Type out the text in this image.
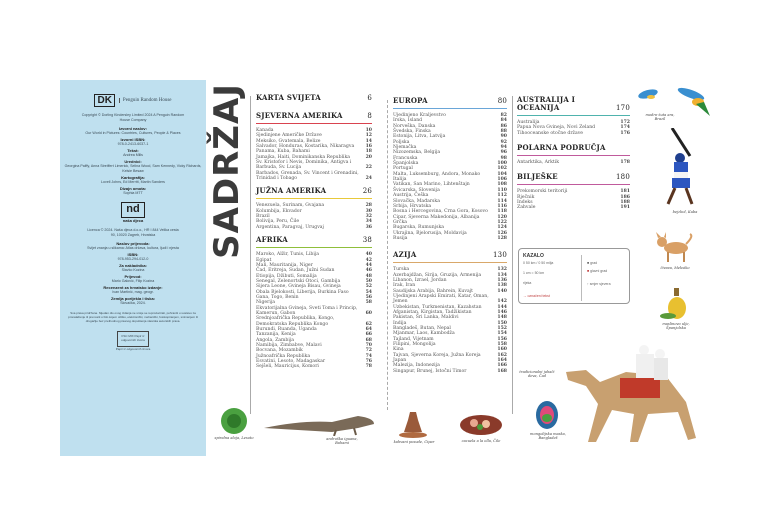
DK	Penguin Random House
Copyright © Dorling Kindersley Limited 2024 A Penguin Random House Company
Izvorni naslov:
Our World in Pictures: Countries, Cultures, People & Places
Izvorni ISBN:
978-0-2413-6037-1
Tekst:
Andrea Mills
Urednici:
Georgina Palffy, Anna Streiffert Limerick, Selina Wood, Sam Kennedy, Vicky Richards, Kelsie Besaw
Kartografija:
Lovell Johns, Ed Merritt, Martin Sanders
Dizajn omota:
Sophia MTT
nd
naša djeca
Licenca © 2024. Naša djeca d.o.o., HR I 844 Velika cesta 90, 10020 Zagreb, Hrvatska
Naslov prijevoda:
Svijet znanja u slikama: Atlas država, kultura, ljudi i njesta
ISBN:
978-953-294-012-0
Za nakladnika:
Slavko Kozina
Prijevod:
Mario Galović, Filip Kozina
Recenzent za hrvatsko izdanje:
Ivan Martinić, mag. geogr.
Zemlja porijekla i tiska:
Slovačka, 2024.
Sva prava pridržana. Nijedan dio ovog izdanja ne smije se reproducirati, pohraniti u sustavu za pronalaženje ili prenositi u bilo kojem obliku, elektronički, mehanički, fotokopiranjem, snimanjem ili drugačije bez prethodnog pisanog dopuštenja vlasnika autorskih prava.
FSC MIX Papir iz odgovornih izvora
Papir iz odgovornih izvora
SADRŽAJ KARTA SVIJETA	6
SJEVERNA AMERIKA	8
Kanada	10
Sjedinjene Američke Države	12
Meksiko, Gvatemala, Belize	14
Salvador, Honduras, Kostarika, Nikaragva	16
Panama, Kuba, Bahami	18
Jamajka, Haiti, Dominikanska Republika	20
Sv. Kristofor i Nevis, Dominika, Antigva i Barbuda, Sv. Lucija	22
Barbados, Grenada, Sv. Vincent i Grenadini, Trinidad i Tobago	24
JUŽNA AMERIKA	26
Venezuela, Surinam, Gvajana	28
Kolumbija, Ekvador	30
Brazil	32
Bolivija, Peru, Čile	34
Argentina, Paragvaj, Urugvaj	36
AFRIKA	38
Maroko, Alžir, Tunis, Libija	40
Egipat	42
Mali, Mauritanija, Niger	44
Čad, Eritreja, Sudan, Južni Sudan	46
Etiopija, Džibuti, Somalija	48
Senegal, Zelenortski Otoci, Gambija	50
Sijera Leone, Gvineja Bisau, Gvineja	52
Obala Bjelokosti, Liberija, Burkina Faso	54
Gana, Togo, Benin	56
Nigerija	58
Ekvatorijalna Gvineja, Sveti Toma i Princip, Kamerun, Gabon	60
Srednjoafrička Republika, Kongo, Demokratska Republika Kongo	62
Burundi, Ruanda, Uganda	64
Tanzanija, Kenija	66
Angola, Zambija	68
Namibija, Zimbabve, Malavi	70
Bocvana, Mozambik	72
Južnoafrička Republika	74
Esvatini, Lesoto, Madagaskar	76
Sejšeli, Mauricijus, Komori	78
EUROPA	80
Ujedinjeno Kraljevstvo	82
Irska, Island	84
Norveška, Danska	86
Švedska, Finska	88
Estonija, Litva, Latvija	90
Poljska	92
Njemačka	94
Nizozemska, Belgija	96
Francuska	98
Španjolska	100
Portugal	102
Malta, Luksemburg, Andora, Monako	104
Italija	106
Vatikan, San Marino, Lihtenštajn	108
Švicarska, Slovenija	110
Austrija, Češka	112
Slovačka, Mađarska	114
Srbija, Hrvatska	116
Bosna i Hercegovina, Crna Gora, Kosovo	118
Cipar, Sjeverna Makedonija, Albanija	120
Grčka	122
Bugarska, Rumunjska	124
Ukrajina, Bjelorusija, Moldavija	126
Rusija	128
AZIJA	130
Turska	132
Azerbajdžan, Sirija, Gruzija, Armenija	134
Libanon, Izrael, Jordan	136
Irak, Iran	138
Saudijska Arabija, Bahrein, Kuvajt	140
Ujedinjeni Arapski Emirati, Katar, Oman, Jemen	142
Uzbekistan, Turkmenistan, Kazahstan	144
Afganistan, Kirgistan, Tadžikistan	146
Pakistan, Šri Lanka, Maldivi	148
Indija	150
Bangladeš, Butan, Nepal	152
Mjanmar, Laos, Kambodža	154
Tajland, Vijetnam	156
Filipini, Mongolija	158
Kina	160
Tajvan, Sjeverna Koreja, Južna Koreja	162
Japan	164
Malezija, Indonezija	166
Singapur, Brunej, Istočni Timor	168
AUSTRALIJA I OCEANIJA	170
Australija	172
Papua Nova Gvineja, Novi Zeland	174
Tihooceanske otočne države	176
POLARNA PODRUČJA
Antarktika, Arktik	178
BILJEŠKE	180
Prekomorski teritoriji	181
Rječnik	186
Indeks	188
Zahvale	191
KAZALO
0 50 km / 0 50 milja
1 cm = 50 km
rijeka
→ označeni tekst
■ grad
■ glavni grad
↑ smjer sjevera
modro-žuta ara, Brazil
bejzbol, Kuba
čivava, Meksiko
maslinovo ulje, Španjolska
spiralna aloja, Lesoto	androška iguana, Bahami	kahvani posude, Cipar	cazuela a la olla, Čile
tradicionalni jahači deva, Čad
mongolijska maska, Bangladeš
